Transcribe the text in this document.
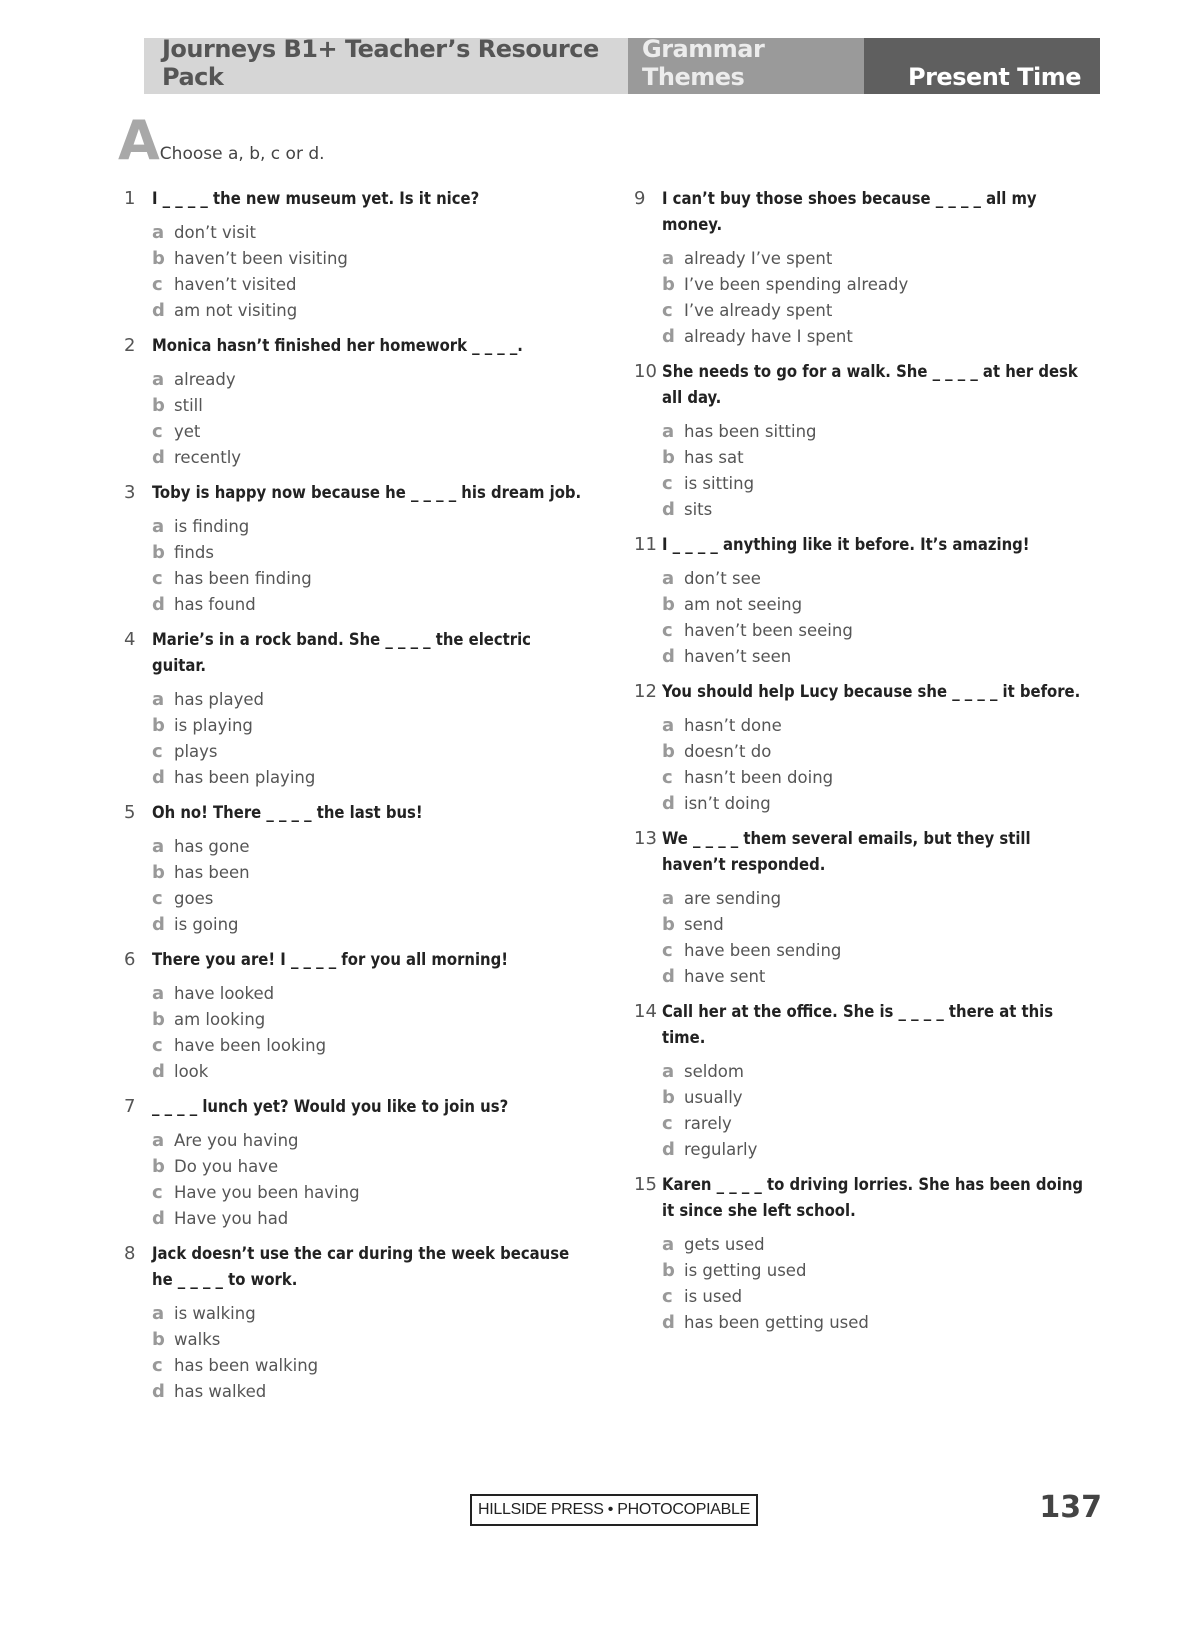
Journeys B1+ Teacher’s Resource Pack
Grammar Themes	Present Time
A Choose a, b, c or d.
1	I _ _ _ _ the new museum yet. Is it nice?
a don’t visit
b haven’t been visiting
c haven’t visited
d am not visiting
2	Monica hasn’t finished her homework _ _ _ _.
a already
b still
c yet
d recently
3	Toby is happy now because he _ _ _ _ his dream job.
a is finding
b finds
c has been finding
d has found
4	Marie’s in a rock band. She _ _ _ _ the electric guitar.
a has played
b is playing
c plays
d has been playing
5	Oh no! There _ _ _ _ the last bus!
a has gone
b has been
c goes
d is going
6	There you are! I _ _ _ _ for you all morning!
a have looked
b am looking
c have been looking
d look
7	_ _ _ _ lunch yet? Would you like to join us?
a Are you having
b Do you have
c Have you been having
d Have you had
8	Jack doesn’t use the car during the week because he _ _ _ _ to work.
a is walking
b walks
c has been walking
d has walked
9	I can’t buy those shoes because _ _ _ _ all my money.
a already I’ve spent
b I’ve been spending already
c I’ve already spent
d already have I spent
10 She needs to go for a walk. She _ _ _ _ at her desk all day.
a has been sitting
b has sat
c is sitting
d sits
11 I _ _ _ _ anything like it before. It’s amazing!
a don’t see
b am not seeing
c haven’t been seeing
d haven’t seen
12 You should help Lucy because she _ _ _ _ it before.
a hasn’t done
b doesn’t do
c hasn’t been doing
d isn’t doing
13 We _ _ _ _ them several emails, but they still haven’t responded.
a are sending
b send
c have been sending
d have sent
14 Call her at the office. She is _ _ _ _ there at this time.
a seldom
b usually
c rarely
d regularly
15 Karen _ _ _ _ to driving lorries. She has been doing it since she left school.
a gets used
b is getting used
c is used
d has been getting used
HILLSIDE PRESS • PHOTOCOPIABLE	137
